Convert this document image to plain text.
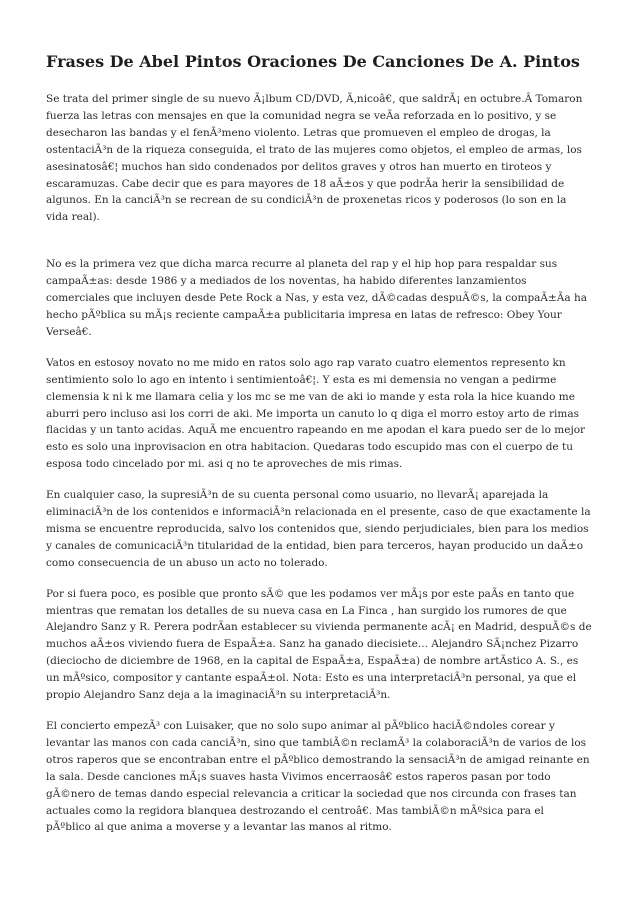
Frases De Abel Pintos Oraciones De Canciones De A. Pintos

Se trata del primer single de su nuevo Ã¡lbum CD/DVD, Ã‚nicoâ€, que saldrÃ¡ en octubre.Â Tomaron fuerza las letras con mensajes en que la comunidad negra se veÃa reforzada en lo positivo, y se desecharon las bandas y el fenÃ³meno violento. Letras que promueven el empleo de drogas, la ostentaciÃ³n de la riqueza conseguida, el trato de las mujeres como objetos, el empleo de armas, los asesinatosâ€¦ muchos han sido condenados por delitos graves y otros han muerto en tiroteos y escaramuzas. Cabe decir que es para mayores de 18 aÃ±os y que podrÃa herir la sensibilidad de algunos. En la canciÃ³n se recrean de su condiciÃ³n de proxenetas ricos y poderosos (lo son en la vida real).

No es la primera vez que dicha marca recurre al planeta del rap y el hip hop para respaldar sus campaÃ±as: desde 1986 y a mediados de los noventas, ha habido diferentes lanzamientos comerciales que incluyen desde Pete Rock a Nas, y esta vez, dÃ©cadas despuÃ©s, la compaÃ±Ãa ha hecho pÃºblica su mÃ¡s reciente campaÃ±a publicitaria impresa en latas de refresco: Obey Your Verseâ€.

Vatos en estosoy novato no me mido en ratos solo ago rap varato cuatro elementos represento kn sentimiento solo lo ago en intento i sentimientoâ€¦. Y esta es mi demensia no vengan a pedirme clemensia k ni k me llamara celia y los mc se me van de aki io mande y esta rola la hice kuando me aburri pero incluso asi los corri de aki. Me importa un canuto lo q diga el morro estoy arto de rimas flacidas y un tanto acidas. AquÃ me encuentro rapeando en me apodan el kara puedo ser de lo mejor esto es solo una inprovisacion en otra habitacion. Quedaras todo escupido mas con el cuerpo de tu esposa todo cincelado por mi. asi q no te aproveches de mis rimas.

En cualquier caso, la supresiÃ³n de su cuenta personal como usuario, no llevarÃ¡ aparejada la eliminaciÃ³n de los contenidos e informaciÃ³n relacionada en el presente, caso de que exactamente la misma se encuentre reproducida, salvo los contenidos que, siendo perjudiciales, bien para los medios y canales de comunicaciÃ³n titularidad de la entidad, bien para terceros, hayan producido un daÃ±o como consecuencia de un abuso un acto no tolerado.

Por si fuera poco, es posible que pronto sÃ© que les podamos ver mÃ¡s por este paÃs en tanto que mientras que rematan los detalles de su nueva casa en La Finca , han surgido los rumores de que Alejandro Sanz y R. Perera podrÃan establecer su vivienda permanente acÃ¡ en Madrid, despuÃ©s de muchos aÃ±os viviendo fuera de EspaÃ±a. Sanz ha ganado diecisiete... Alejandro SÃ¡nchez Pizarro (dieciocho de diciembre de 1968, en la capital de EspaÃ±a, EspaÃ±a) de nombre artÃstico A. S., es un mÃºsico, compositor y cantante espaÃ±ol. Nota: Esto es una interpretaciÃ³n personal, ya que el propio Alejandro Sanz deja a la imaginaciÃ³n su interpretaciÃ³n.

El concierto empezÃ³ con Luisaker, que no solo supo animar al pÃºblico haciÃ©ndoles corear y levantar las manos con cada canciÃ³n, sino que tambiÃ©n reclamÃ³ la colaboraciÃ³n de varios de los otros raperos que se encontraban entre el pÃºblico demostrando la sensaciÃ³n de amigad reinante en la sala. Desde canciones mÃ¡s suaves hasta Vivimos encerraosâ€ estos raperos pasan por todo gÃ©nero de temas dando especial relevancia a criticar la sociedad que nos circunda con frases tan actuales como la regidora blanquea destrozando el centroâ€. Mas tambiÃ©n mÃºsica para el pÃºblico al que anima a moverse y a levantar las manos al ritmo.
